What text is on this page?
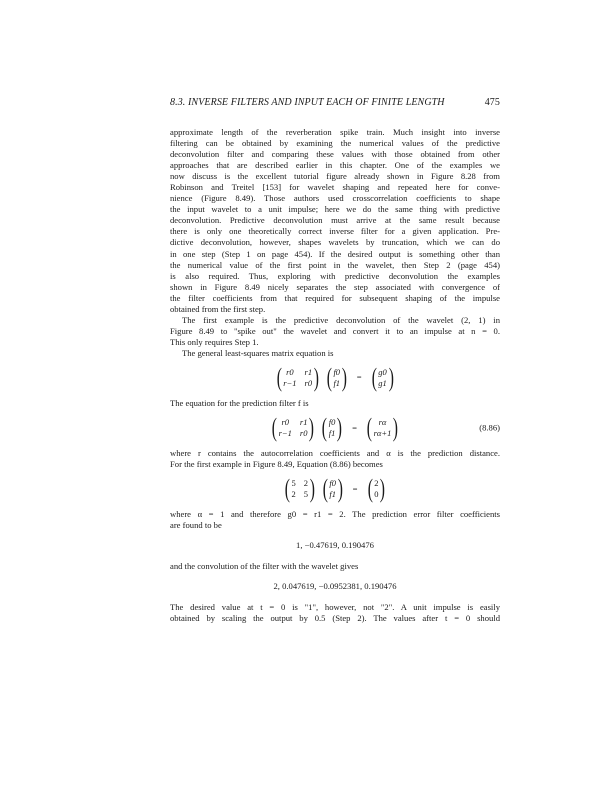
8.3. INVERSE FILTERS AND INPUT EACH OF FINITE LENGTH	475
approximate length of the reverberation spike train. Much insight into inverse
filtering can be obtained by examining the numerical values of the predictive
deconvolution filter and comparing these values with those obtained from other
approaches that are described earlier in this chapter. One of the examples we
now discuss is the excellent tutorial figure already shown in Figure 8.28 from
Robinson and Treitel [153] for wavelet shaping and repeated here for conve-
nience (Figure 8.49). Those authors used crosscorrelation coefficients to shape
the input wavelet to a unit impulse; here we do the same thing with predictive
deconvolution. Predictive deconvolution must arrive at the same result because
there is only one theoretically correct inverse filter for a given application. Pre-
dictive deconvolution, however, shapes wavelets by truncation, which we can do
in one step (Step 1 on page 454). If the desired output is something other than
the numerical value of the first point in the wavelet, then Step 2 (page 454)
is also required. Thus, exploring with predictive deconvolution the examples
shown in Figure 8.49 nicely separates the step associated with convergence of
the filter coefficients from that required for subsequent shaping of the impulse
obtained from the first step.
The first example is the predictive deconvolution of the wavelet (2, 1) in
Figure 8.49 to "spike out" the wavelet and convert it to an impulse at n = 0.
This only requires Step 1.
The general least-squares matrix equation is
( r0	r1
r−1 r0 ) ( f0
f1 ) = ( g0
g1 )
The equation for the prediction filter f is
( r0	r1
r−1 r0 ) ( f0
f1 ) = ( rα
rα+1 )	(8.86)
where r contains the autocorrelation coefficients and α is the prediction distance.
For the first example in Figure 8.49, Equation (8.86) becomes
( 5 2
2 5 ) ( f0
f1 ) = ( 2
0 )
where α = 1 and therefore g0 = r1 = 2. The prediction error filter coefficients
are found to be
1, −0.47619, 0.190476
and the convolution of the filter with the wavelet gives
2, 0.047619, −0.0952381, 0.190476
The desired value at t = 0 is "1", however, not "2". A unit impulse is easily
obtained by scaling the output by 0.5 (Step 2). The values after t = 0 should
